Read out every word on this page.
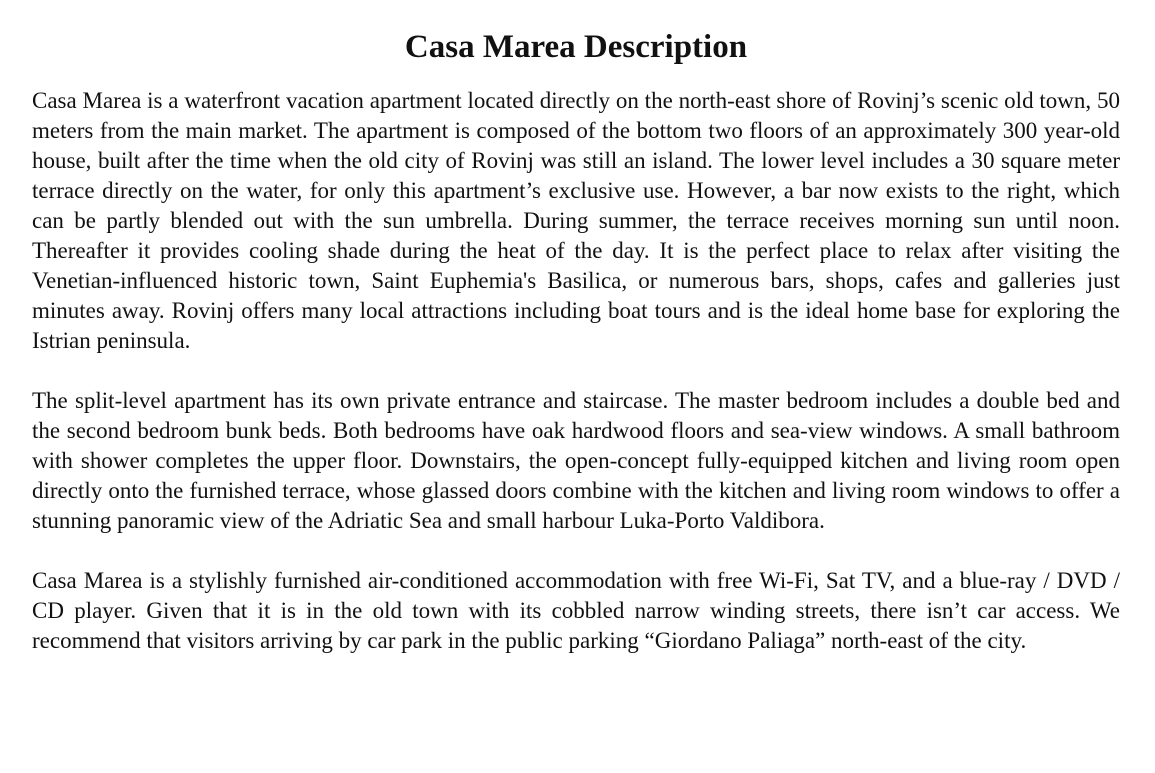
Casa Marea Description

Casa Marea is a waterfront vacation apartment located directly on the north-east shore of Rovinj’s scenic old town, 50 meters from the main market. The apartment is composed of the bottom two floors of an approximately 300 year-old house, built after the time when the old city of Rovinj was still an island. The lower level includes a 30 square meter terrace directly on the water, for only this apartment’s exclusive use. However, a bar now exists to the right, which can be partly blended out with the sun umbrella. During summer, the terrace receives morning sun until noon. Thereafter it provides cooling shade during the heat of the day. It is the perfect place to relax after visiting the Venetian-influenced historic town, Saint Euphemia's Basilica, or numerous bars, shops, cafes and galleries just minutes away. Rovinj offers many local attractions including boat tours and is the ideal home base for exploring the Istrian peninsula.

The split-level apartment has its own private entrance and staircase. The master bedroom includes a double bed and the second bedroom bunk beds. Both bedrooms have oak hardwood floors and sea-view windows. A small bathroom with shower completes the upper floor. Downstairs, the open-concept fully-equipped kitchen and living room open directly onto the furnished terrace, whose glassed doors combine with the kitchen and living room windows to offer a stunning panoramic view of the Adriatic Sea and small harbour Luka-Porto Valdibora.

Casa Marea is a stylishly furnished air-conditioned accommodation with free Wi-Fi, Sat TV, and a blue-ray / DVD / CD player. Given that it is in the old town with its cobbled narrow winding streets, there isn’t car access. We recommend that visitors arriving by car park in the public parking “Giordano Paliaga” north-east of the city.
